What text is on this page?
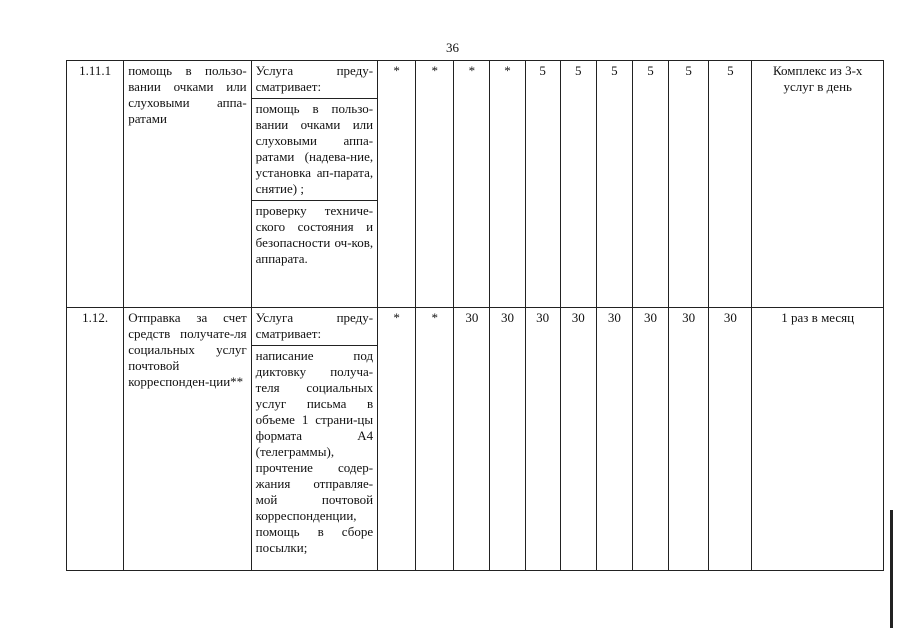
36
1.11.1	помощь в пользо-вании очками или слуховыми аппа-ратами	Услуга преду-сматривает:
помощь в пользо-вании очками или слуховыми аппа-ратами (надева-ние, установка ап-парата, снятие) ;
проверку техниче-ского состояния и безопасности оч-ков, аппарата.	*	*	*	*	5	5	5	5	5	5	Комплекс из 3-х услуг в день
1.12.	Отправка за счет средств получате-ля социальных услуг почтовой корреспонден-ции**	Услуга преду-сматривает:
написание под диктовку получа-теля социальных услуг письма в объеме 1 страни-цы формата А4 (телеграммы), прочтение содер-жания отправляе-мой почтовой корреспонденции, помощь в сборе посылки;	*	*	30	30	30	30	30	30	30	30	1 раз в месяц
